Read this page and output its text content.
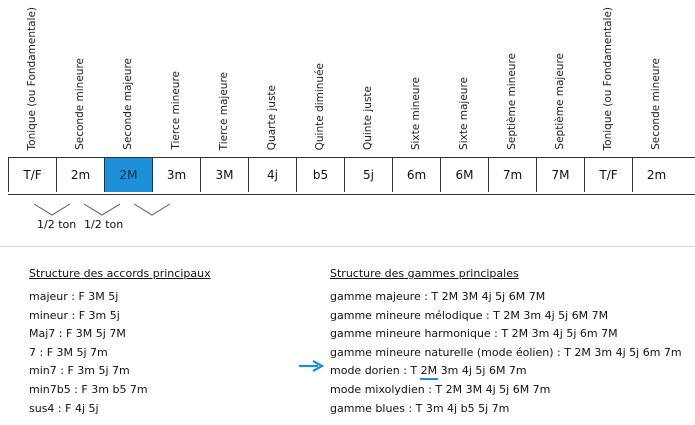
Tonique (ou Fondamentale)	Seconde mineure	Seconde majeure	Tierce mineure	Tierce majeure	Quarte juste	Quinte diminuée	Quinte juste	Sixte mineure	Sixte majeure	Septième mineure	Septième majeure	Tonique (ou Fondamentale)	Seconde mineure
T/F	2m	2M	3m	3M	4j	b5	5j	6m	6M	7m	7M	T/F	2m
1/2 ton 1/2 ton
Structure des accords principaux
majeur : F 3M 5j
mineur : F 3m 5j
Maj7 : F 3M 5j 7M
7 : F 3M 5j 7m
min7 : F 3m 5j 7m
min7b5 : F 3m b5 7m
sus4 : F 4j 5j
Structure des gammes principales
gamme majeure : T 2M 3M 4j 5j 6M 7M
gamme mineure mélodique : T 2M 3m 4j 5j 6M 7M
gamme mineure harmonique : T 2M 3m 4j 5j 6m 7M
gamme mineure naturelle (mode éolien) : T 2M 3m 4j 5j 6m 7m
mode dorien : T 2M 3m 4j 5j 6M 7m
mode mixolydien : T 2M 3M 4j 5j 6M 7m
gamme blues : T 3m 4j b5 5j 7m
